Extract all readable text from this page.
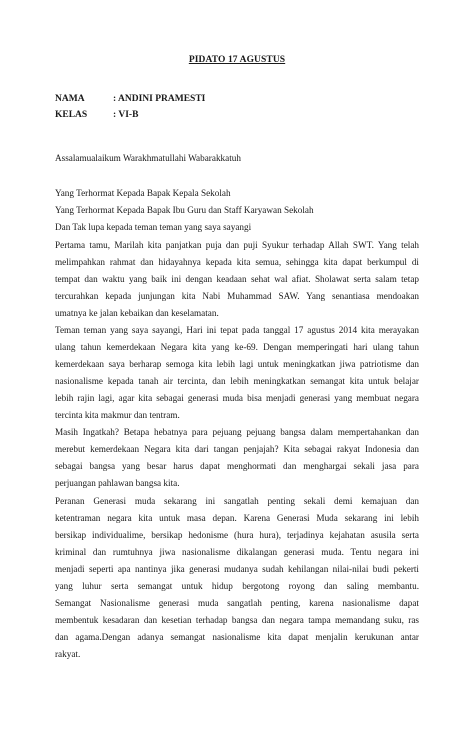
PIDATO 17 AGUSTUS
NAMA	: ANDINI PRAMESTI
KELAS	: VI-B
Assalamualaikum Warakhmatullahi Wabarakkatuh
Yang Terhormat Kepada Bapak Kepala Sekolah
Yang Terhormat Kepada Bapak Ibu Guru dan Staff Karyawan Sekolah
Dan Tak lupa kepada teman teman yang saya sayangi
Pertama tamu, Marilah kita panjatkan puja dan puji Syukur terhadap Allah SWT. Yang telah
melimpahkan rahmat dan hidayahnya kepada kita semua, sehingga kita dapat berkumpul di
tempat dan waktu yang baik ini dengan keadaan sehat wal afiat. Sholawat serta salam tetap
tercurahkan kepada junjungan kita Nabi Muhammad SAW. Yang senantiasa mendoakan
umatnya ke jalan kebaikan dan keselamatan.
Teman teman yang saya sayangi, Hari ini tepat pada tanggal 17 agustus 2014 kita merayakan
ulang tahun kemerdekaan Negara kita yang ke-69. Dengan memperingati hari ulang tahun
kemerdekaan saya berharap semoga kita lebih lagi untuk meningkatkan jiwa patriotisme dan
nasionalisme kepada tanah air tercinta, dan lebih meningkatkan semangat kita untuk belajar
lebih rajin lagi, agar kita sebagai generasi muda bisa menjadi generasi yang membuat negara
tercinta kita makmur dan tentram.
Masih Ingatkah? Betapa hebatnya para pejuang pejuang bangsa dalam mempertahankan dan
merebut kemerdekaan Negara kita dari tangan penjajah? Kita sebagai rakyat Indonesia dan
sebagai bangsa yang besar harus dapat menghormati dan menghargai sekali jasa para
perjuangan pahlawan bangsa kita.
Peranan Generasi muda sekarang ini sangatlah penting sekali demi kemajuan dan
ketentraman negara kita untuk masa depan. Karena Generasi Muda sekarang ini lebih
bersikap individualime, bersikap hedonisme (hura hura), terjadinya kejahatan asusila serta
kriminal dan rumtuhnya jiwa nasionalisme dikalangan generasi muda. Tentu negara ini
menjadi seperti apa nantinya jika generasi mudanya sudah kehilangan nilai-nilai budi pekerti
yang luhur serta semangat untuk hidup bergotong royong dan saling membantu.
Semangat Nasionalisme generasi muda sangatlah penting, karena nasionalisme dapat
membentuk kesadaran dan kesetian terhadap bangsa dan negara tampa memandang suku, ras
dan agama.Dengan adanya semangat nasionalisme kita dapat menjalin kerukunan antar
rakyat.
